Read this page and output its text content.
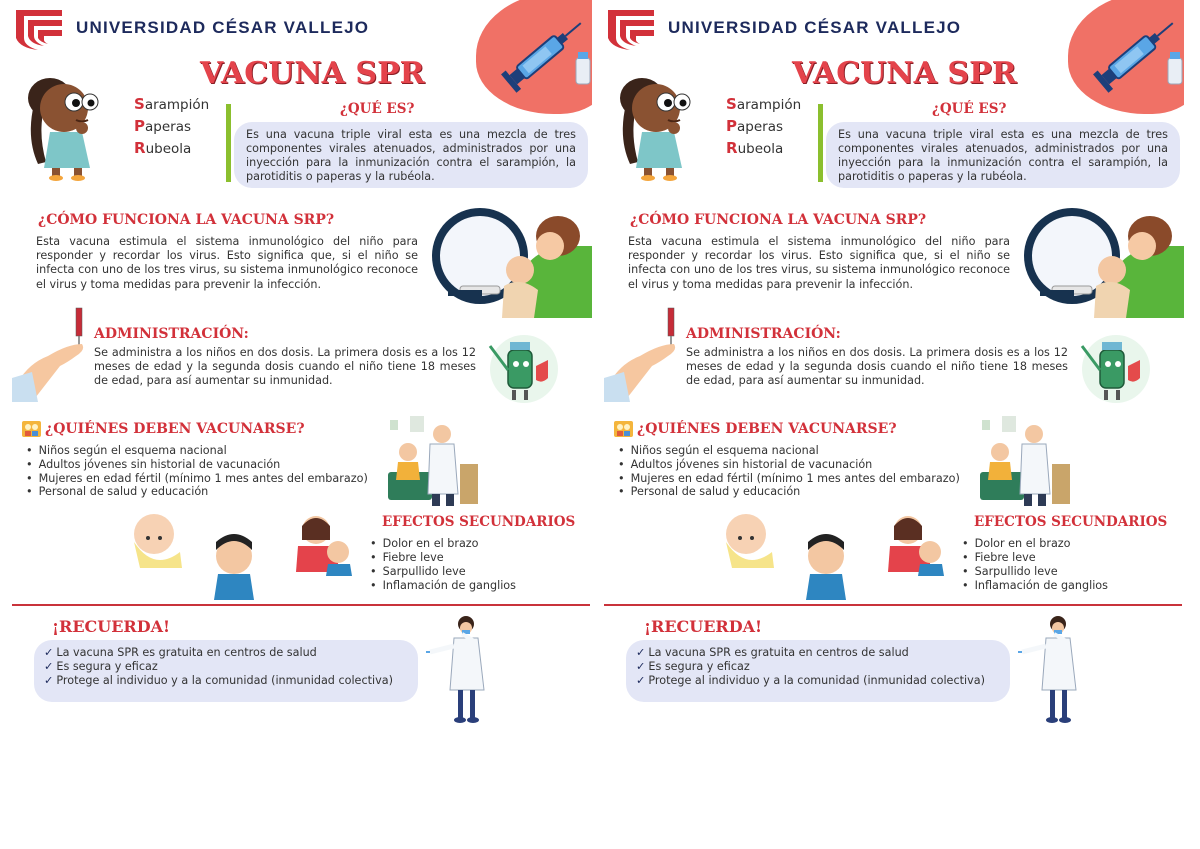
UNIVERSIDAD CÉSAR VALLEJO
VACUNA SPR
Sarampión
Paperas
Rubeola
¿QUÉ ES?
Es una vacuna triple viral esta es una mezcla de tres componentes virales atenuados, administrados por una inyección para la inmunización contra el sarampión, la parotiditis o paperas y la rubéola.
¿CÓMO FUNCIONA LA VACUNA SRP?
Esta vacuna estimula el sistema inmunológico del niño para responder y recordar los virus. Esto significa que, si el niño se infecta con uno de los tres virus, su sistema inmunológico reconoce el virus y toma medidas para prevenir la infección.
ADMINISTRACIÓN:
Se administra a los niños en dos dosis. La primera dosis es a los 12 meses de edad y la segunda dosis cuando el niño tiene 18 meses de edad, para así aumentar su inmunidad.
¿QUIÉNES DEBEN VACUNARSE?
• Niños según el esquema nacional
• Adultos jóvenes sin historial de vacunación
• Mujeres en edad fértil (mínimo 1 mes antes del embarazo)
• Personal de salud y educación
EFECTOS SECUNDARIOS
• Dolor en el brazo
• Fiebre leve
• Sarpullido leve
• Inflamación de ganglios
¡RECUERDA!
✓ La vacuna SPR es gratuita en centros de salud
✓ Es segura y eficaz
✓ Protege al individuo y a la comunidad (inmunidad colectiva)
UNIVERSIDAD CÉSAR VALLEJO
VACUNA SPR
Sarampión
Paperas
Rubeola
¿QUÉ ES?
Es una vacuna triple viral esta es una mezcla de tres componentes virales atenuados, administrados por una inyección para la inmunización contra el sarampión, la parotiditis o paperas y la rubéola.
¿CÓMO FUNCIONA LA VACUNA SRP?
Esta vacuna estimula el sistema inmunológico del niño para responder y recordar los virus. Esto significa que, si el niño se infecta con uno de los tres virus, su sistema inmunológico reconoce el virus y toma medidas para prevenir la infección.
ADMINISTRACIÓN:
Se administra a los niños en dos dosis. La primera dosis es a los 12 meses de edad y la segunda dosis cuando el niño tiene 18 meses de edad, para así aumentar su inmunidad.
¿QUIÉNES DEBEN VACUNARSE?
• Niños según el esquema nacional
• Adultos jóvenes sin historial de vacunación
• Mujeres en edad fértil (mínimo 1 mes antes del embarazo)
• Personal de salud y educación
EFECTOS SECUNDARIOS
• Dolor en el brazo
• Fiebre leve
• Sarpullido leve
• Inflamación de ganglios
¡RECUERDA!
✓ La vacuna SPR es gratuita en centros de salud
✓ Es segura y eficaz
✓ Protege al individuo y a la comunidad (inmunidad colectiva)
